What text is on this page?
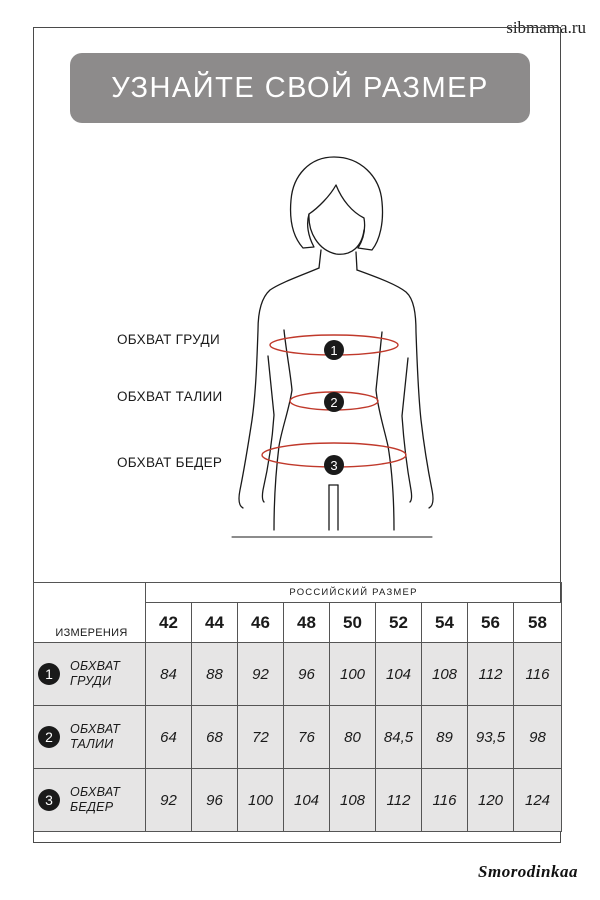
sibmama.ru
УЗНАЙТЕ СВОЙ РАЗМЕР
1
2
3
ОБХВАТ ГРУДИ
ОБХВАТ ТАЛИИ
ОБХВАТ БЕДЕР
ИЗМЕРЕНИЯ	РОССИЙСКИЙ РАЗМЕР								
	42	44	46	48	50	52	54	56	58

1 ОБХВАТ
ГРУДИ	84	88	92	96	100	104	108	112	116

2 ОБХВАТ
ТАЛИИ	64	68	72	76	80	84,5	89	93,5	98

3 ОБХВАТ
БЕДЕР	92	96	100	104	108	112	116	120	124
Smorodinkaa
